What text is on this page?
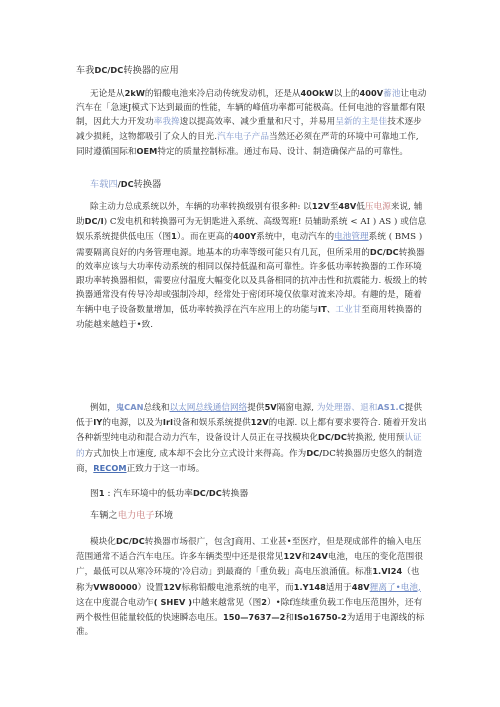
车我DC/DC转换器的应用

无论是从2kW的铅酸电池来冷启动传统发动机，还是从40OkW以上的400V蓄池让电动汽车在「急速J模式下达到最面的性能，车辆的峰值功率都可能极高。任何电池的容量都有限制，因此大力开发功率我搀逡以提高效率、减少重量和尺寸，并易用呈新的主是佳技术逐步减少损耗，这物都吸引了众人的目光.汽车电子产品当然还必须在严苛的环境中可靠地工作, 同时遵循国际和OEM特定的质量控制标准。通过布局、设计、制造确保产品的可靠性。

车载四/DC转换器

除主动力总成系统以外，车辆的功率转换级别有很多种: 以12V至48V低压电源来说, 辅助DC/I) C发电机和转换器可为无钥匙进入系统、高级驾班! 员辅助系统 < AI ) AS ) 或信息娱乐系统提供低电压（图1）。而在更高的400Y系统中，电动汽车的电池管理系统 ( BMS ) 需要隔离良好的内务管理电源。地基本的功率等级可能只有几瓦，但所采用的DC/DC转换器的效率应该与大功率传动系统的相同以保持低温和高可靠性。许多低功率转换器的工作环境跟功率转换器相似，需要应付温度大幅变化以及具备相同的抗冲击性和抗震能力. 板级上的转换器通常没有传导冷却或强制冷却，经常处于密闭环境仅依靠对流来冷却。有趣的是，随着车辆中电子设备数量增加，低功率转换浮在汽车应用上的功能与IT、工业甘至商用转换器的功能越来越趋于•致.

例如，鬼CAN总线和以太网总线通信网络提供5V隔窗电源, 为处理器、退和AS1.C提供低于IY的电源，以及为Irl设备和娱乐系统提供12V的电源. 以上都有要求要符合. 随着开发出各种新型纯电动和混合动力汽车，设备设计人员正在寻找模块化DC/DC转换淞, 使用预认证的方式加快上市速度, 成本却不会比分立式设计来得高。作为DC/DC转换器历史悠久的制造商，RECOM正致力于这一市场。

图1 : 汽车环境中的低功率DC/DC转换器

车辆之电力电子环境

模块化DC/DC转换器市场很广，包含J商用、工业甚•至医疗，但是现成部件的输入电压范围通常不适合汽车电压。许多车辆类型中还是很常见12V和24V电池，电压的变化范围很广，最低可以从寒冷环境的'冷启动」到最裔的「重负载」高电压浪涌值。标准1.VI24（也称为VW80000）设置12V标称铅酸电池系统的电平，而1.Y148适用于48V狸离了•电池,这在中度混合电动乍( SHEV )中越来越常见（图2）•除f连续重负载工作电压范围外，还有两个极性但能量较低的快速瞬态电压。150—7637—2和ISo16750-2为适用于电源线的标准。
